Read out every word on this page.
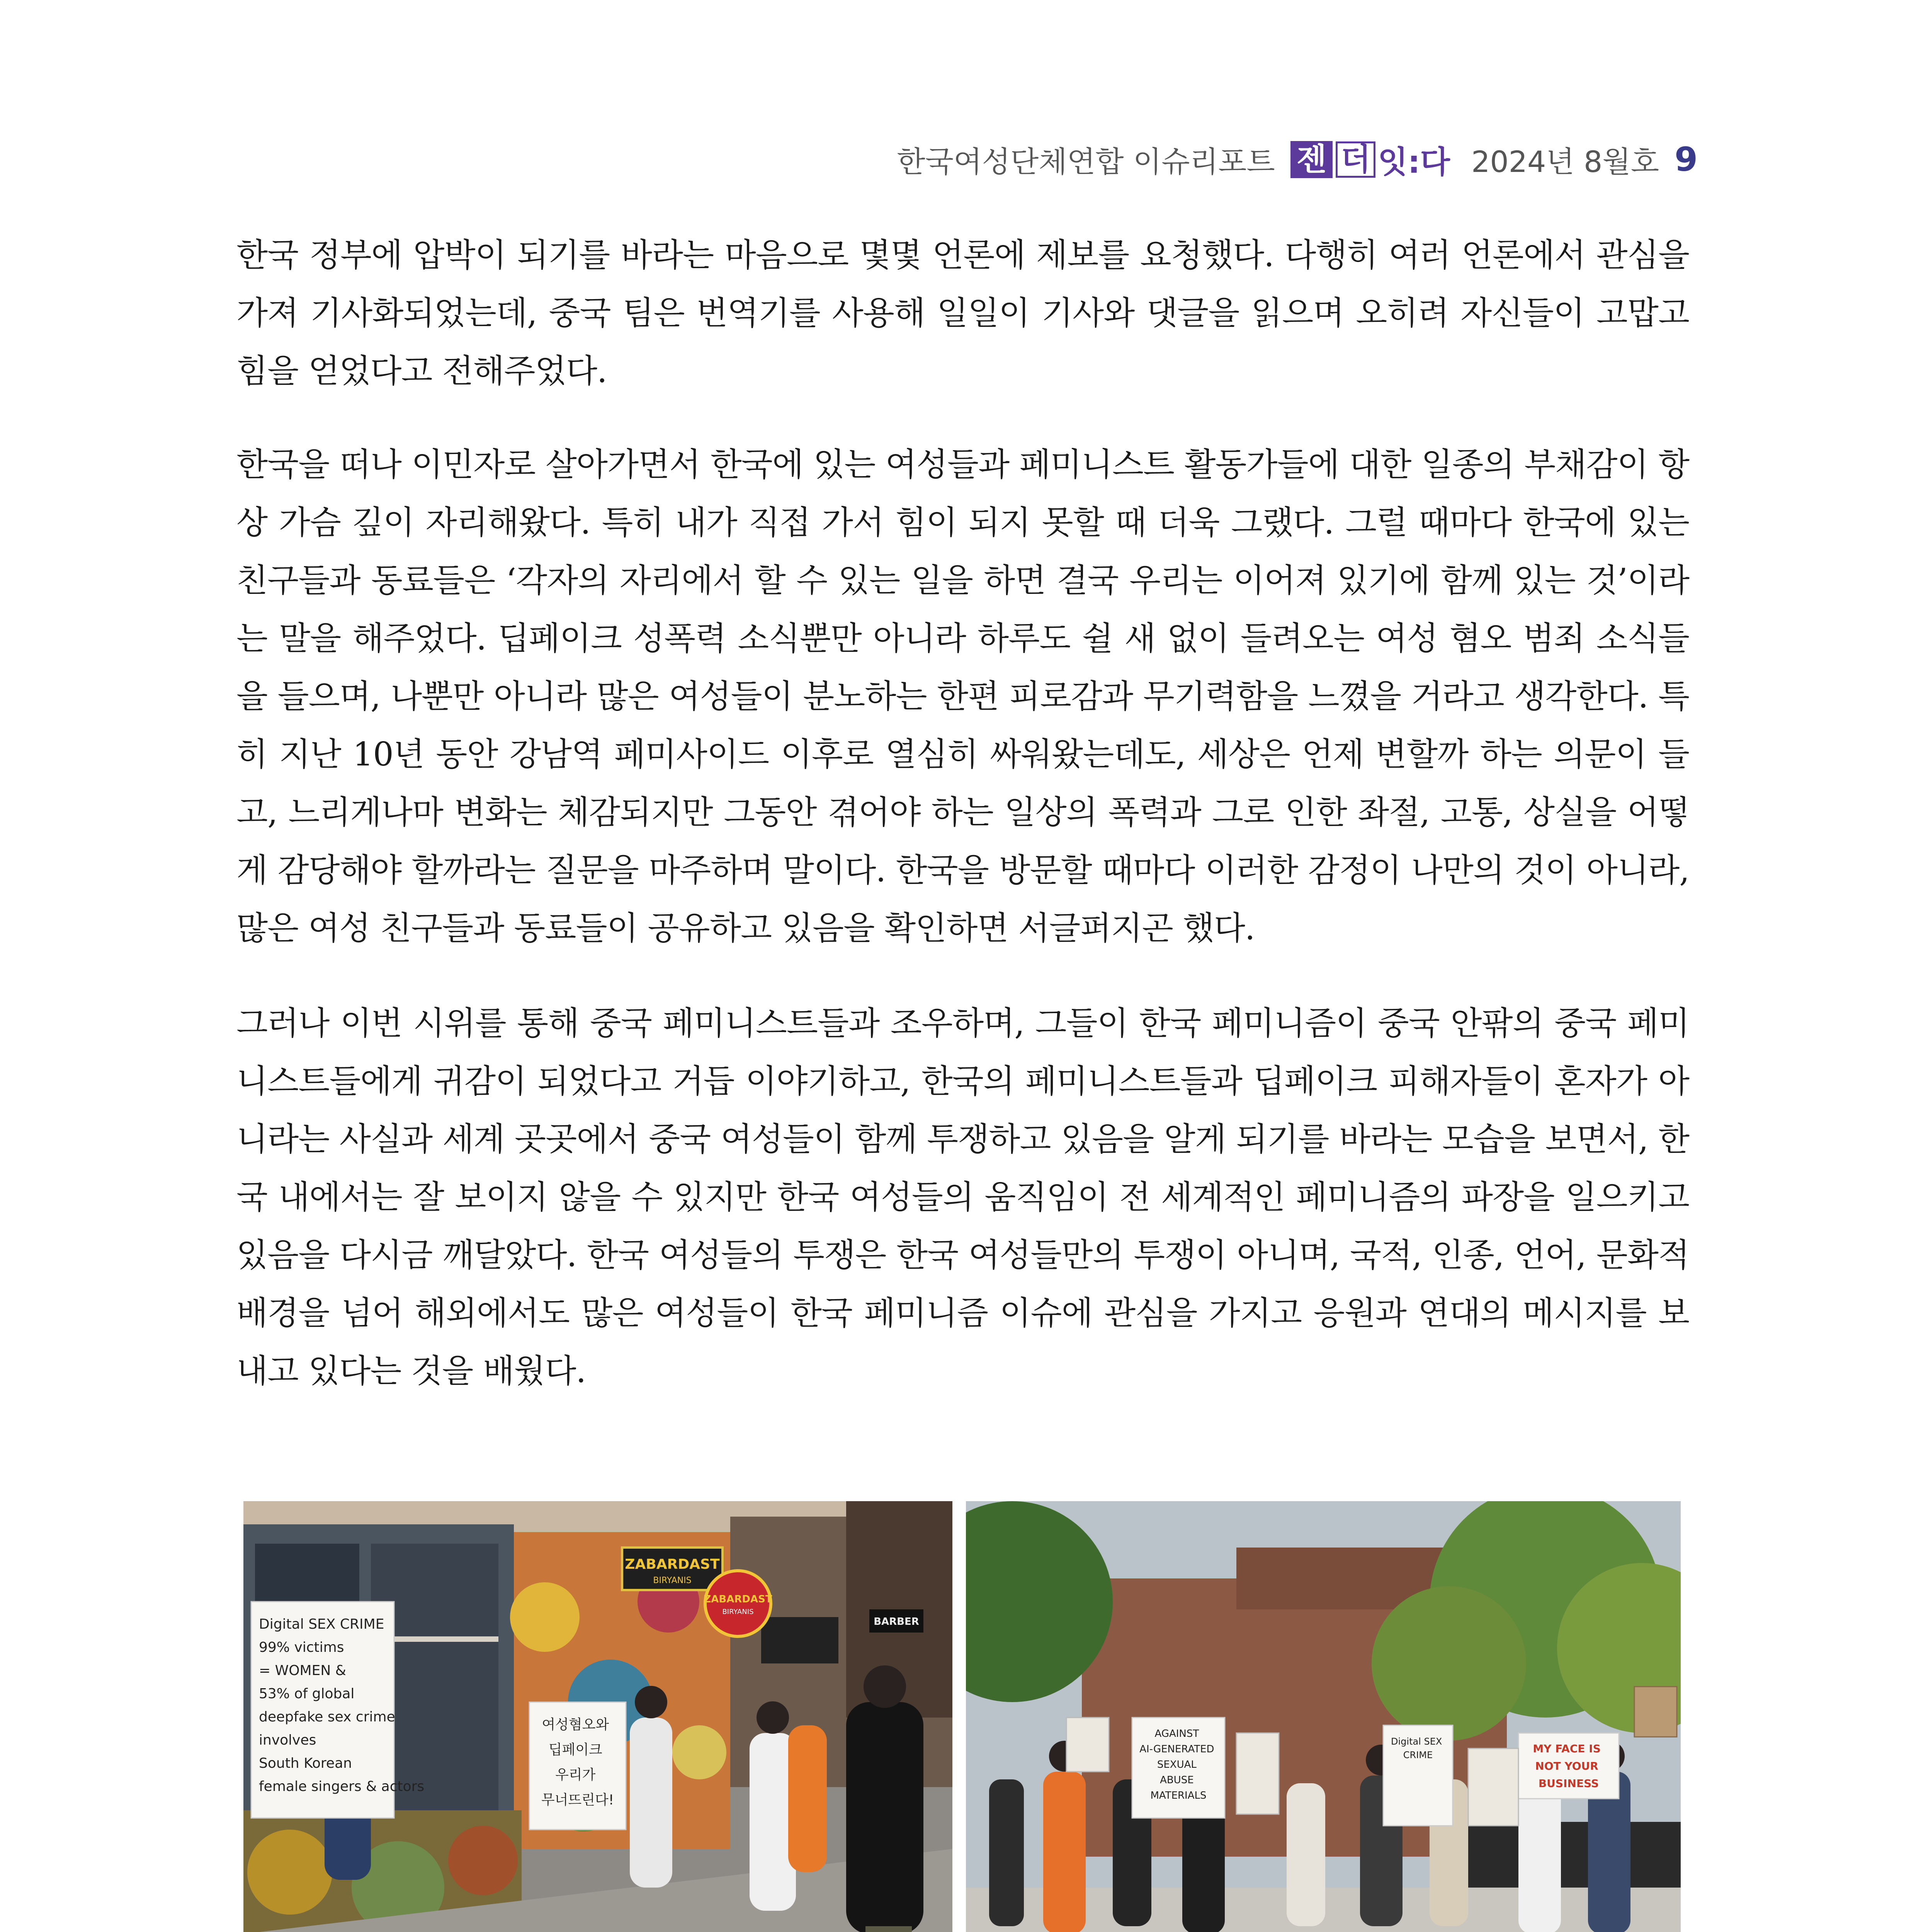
한국여성단체연합 이슈리포트 젠 더 잇:다 2024년 8월호 9

한국 정부에 압박이 되기를 바라는 마음으로 몇몇 언론에 제보를 요청했다. 다행히 여러 언론에서 관심을 가져 기사화되었는데, 중국 팀은 번역기를 사용해 일일이 기사와 댓글을 읽으며 오히려 자신들이 고맙고 힘을 얻었다고 전해주었다.

한국을 떠나 이민자로 살아가면서 한국에 있는 여성들과 페미니스트 활동가들에 대한 일종의 부채감이 항상 가슴 깊이 자리해왔다. 특히 내가 직접 가서 힘이 되지 못할 때 더욱 그랬다. 그럴 때마다 한국에 있는 친구들과 동료들은 ‘각자의 자리에서 할 수 있는 일을 하면 결국 우리는 이어져 있기에 함께 있는 것’이라는 말을 해주었다. 딥페이크 성폭력 소식뿐만 아니라 하루도 쉴 새 없이 들려오는 여성 혐오 범죄 소식들을 들으며, 나뿐만 아니라 많은 여성들이 분노하는 한편 피로감과 무기력함을 느꼈을 거라고 생각한다. 특히 지난 10년 동안 강남역 페미사이드 이후로 열심히 싸워왔는데도, 세상은 언제 변할까 하는 의문이 들고, 느리게나마 변화는 체감되지만 그동안 겪어야 하는 일상의 폭력과 그로 인한 좌절, 고통, 상실을 어떻게 감당해야 할까라는 질문을 마주하며 말이다. 한국을 방문할 때마다 이러한 감정이 나만의 것이 아니라, 많은 여성 친구들과 동료들이 공유하고 있음을 확인하면 서글퍼지곤 했다.

그러나 이번 시위를 통해 중국 페미니스트들과 조우하며, 그들이 한국 페미니즘이 중국 안팎의 중국 페미니스트들에게 귀감이 되었다고 거듭 이야기하고, 한국의 페미니스트들과 딥페이크 피해자들이 혼자가 아니라는 사실과 세계 곳곳에서 중국 여성들이 함께 투쟁하고 있음을 알게 되기를 바라는 모습을 보면서, 한국 내에서는 잘 보이지 않을 수 있지만 한국 여성들의 움직임이 전 세계적인 페미니즘의 파장을 일으키고 있음을 다시금 깨달았다. 한국 여성들의 투쟁은 한국 여성들만의 투쟁이 아니며, 국적, 인종, 언어, 문화적 배경을 넘어 해외에서도 많은 여성들이 한국 페미니즘 이슈에 관심을 가지고 응원과 연대의 메시지를 보내고 있다는 것을 배웠다.

ZABARDAST
BIRYANIS
ZABARDAST
BIRYANIS
BARBER
Digital SEX CRIME 99% victims = WOMEN & 53% of global deepfake sex crime involves South Korean female singers & actors
여성혐오와 딥페이크 우리가 무너뜨린다!
AGAINST AI-GENERATED SEXUAL ABUSE MATERIALS
MY FACE IS NOT YOUR BUSINESS
Digital SEX CRIME
